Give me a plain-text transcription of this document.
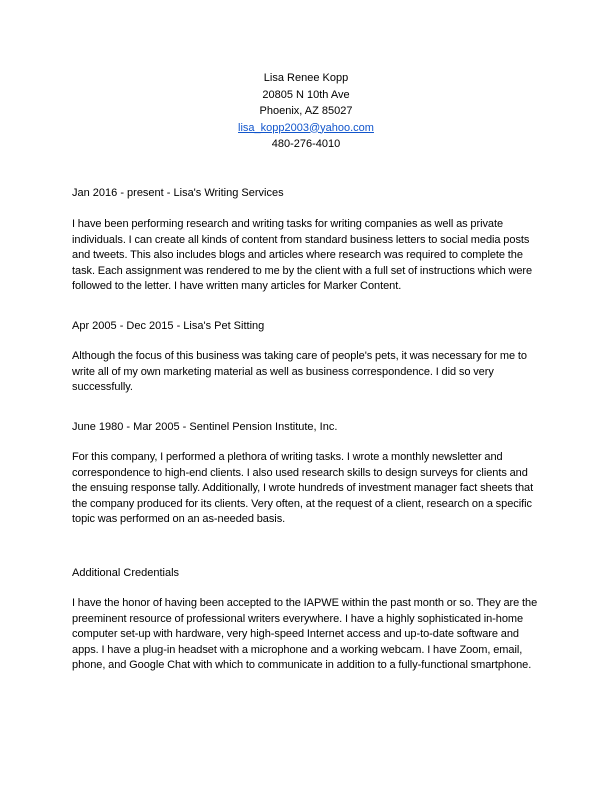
Lisa Renee Kopp
20805 N 10th Ave
Phoenix, AZ 85027
lisa_kopp2003@yahoo.com
480-276-4010
Jan 2016 - present - Lisa's Writing Services

I have been performing research and writing tasks for writing companies as well as private individuals. I can create all kinds of content from standard business letters to social media posts and tweets. This also includes blogs and articles where research was required to complete the task. Each assignment was rendered to me by the client with a full set of instructions which were followed to the letter. I have written many articles for Marker Content.

Apr 2005 - Dec 2015 - Lisa's Pet Sitting

Although the focus of this business was taking care of people's pets, it was necessary for me to write all of my own marketing material as well as business correspondence. I did so very successfully.

June 1980 - Mar 2005 - Sentinel Pension Institute, Inc.

For this company, I performed a plethora of writing tasks. I wrote a monthly newsletter and correspondence to high-end clients. I also used research skills to design surveys for clients and the ensuing response tally. Additionally, I wrote hundreds of investment manager fact sheets that the company produced for its clients. Very often, at the request of a client, research on a specific topic was performed on an as-needed basis.

Additional Credentials

I have the honor of having been accepted to the IAPWE within the past month or so. They are the preeminent resource of professional writers everywhere. I have a highly sophisticated in-home computer set-up with hardware, very high-speed Internet access and up-to-date software and apps. I have a plug-in headset with a microphone and a working webcam. I have Zoom, email, phone, and Google Chat with which to communicate in addition to a fully-functional smartphone.
